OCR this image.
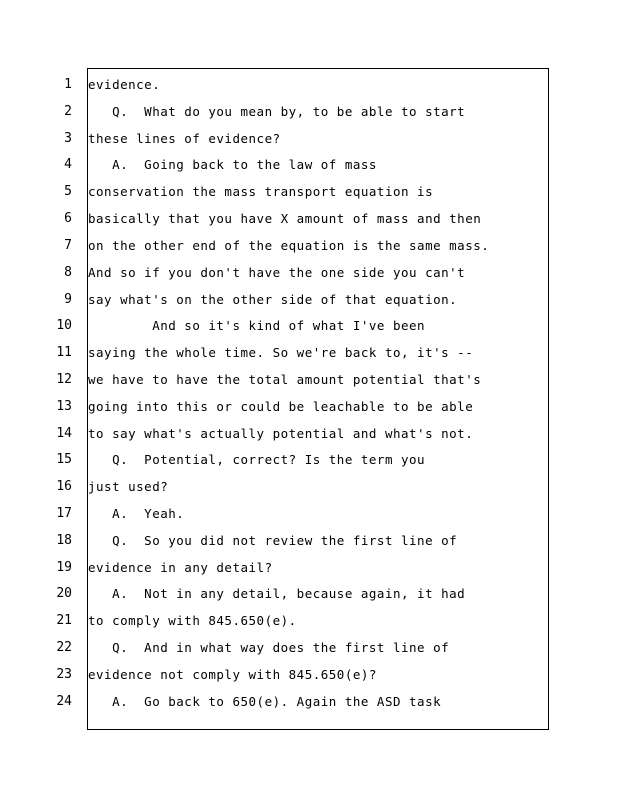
1 evidence.
2 Q.  What do you mean by, to be able to start
3 these lines of evidence?
4 A.  Going back to the law of mass
5 conservation the mass transport equation is
6 basically that you have X amount of mass and then
7 on the other end of the equation is the same mass.
8 And so if you don't have the one side you can't
9 say what's on the other side of that equation.
10 And so it's kind of what I've been
11 saying the whole time. So we're back to, it's --
12 we have to have the total amount potential that's
13 going into this or could be leachable to be able
14 to say what's actually potential and what's not.
15 Q.  Potential, correct? Is the term you
16 just used?
17 A.  Yeah.
18 Q.  So you did not review the first line of
19 evidence in any detail?
20 A.  Not in any detail, because again, it had
21 to comply with 845.650(e).
22 Q.  And in what way does the first line of
23 evidence not comply with 845.650(e)?
24 A.  Go back to 650(e). Again the ASD task
